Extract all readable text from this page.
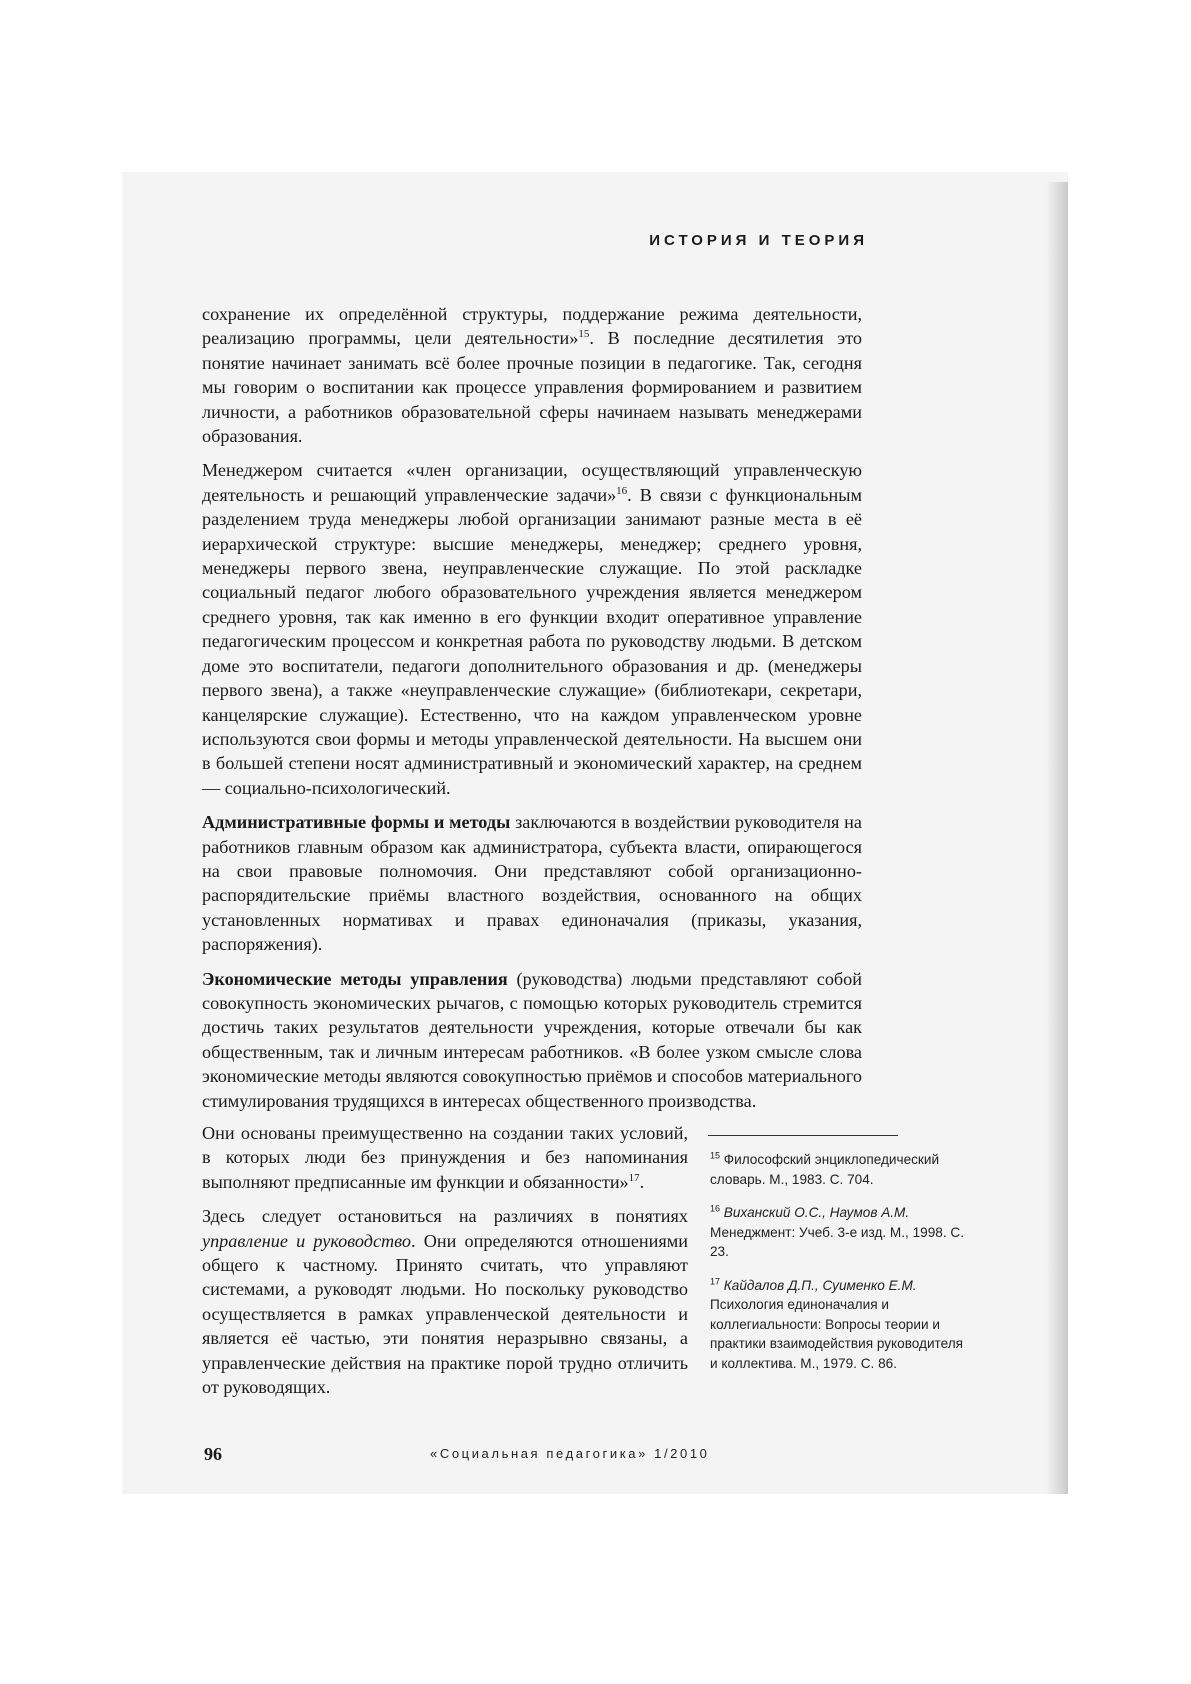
ИСТОРИЯ И ТЕОРИЯ

сохранение их определённой структуры, поддержание режима деятельности, реализацию программы, цели деятельности»$^{15}$. В последние десятилетия это понятие начинает занимать всё более прочные позиции в педагогике. Так, сегодня мы говорим о воспитании как процессе управления формированием и развитием личности, а работников образовательной сферы начинаем называть менеджерами образования.

Менеджером считается «член организации, осуществляющий управленческую деятельность и решающий управленческие задачи»$^{16}$. В связи с функциональным разделением труда менеджеры любой организации занимают разные места в её иерархической структуре: высшие менеджеры, менеджер; среднего уровня, менеджеры первого звена, неуправленческие служащие. По этой раскладке социальный педагог любого образовательного учреждения является менеджером среднего уровня, так как именно в его функции входит оперативное управление педагогическим процессом и конкретная работа по руководству людьми. В детском доме это воспитатели, педагоги дополнительного образования и др. (менеджеры первого звена), а также «неуправленческие служащие» (библиотекари, секретари, канцелярские служащие). Естественно, что на каждом управленческом уровне используются свои формы и методы управленческой деятельности. На высшем они в большей степени носят административный и экономический характер, на среднем — социально-психологический.

Административные формы и методы заключаются в воздействии руководителя на работников главным образом как администратора, субъекта власти, опирающегося на свои правовые полномочия. Они представляют собой организационно-распорядительские приёмы властного воздействия, основанного на общих установленных нормативах и правах единоначалия (приказы, указания, распоряжения).

Экономические методы управления (руководства) людьми представляют собой совокупность экономических рычагов, с помощью которых руководитель стремится достичь таких результатов деятельности учреждения, которые отвечали бы как общественным, так и личным интересам работников. «В более узком смысле слова экономические методы являются совокупностью приёмов и способов материального стимулирования трудящихся в интересах общественного производства.

Они основаны преимущественно на создании таких условий, в которых люди без принуждения и без напоминания выполняют предписанные им функции и обязанности»$^{17}$.

Здесь следует остановиться на различиях в понятиях управление и руководство. Они определяются отношениями общего к частному. Принято считать, что управляют системами, а руководят людьми. Но поскольку руководство осуществляется в рамках управленческой деятельности и является её частью, эти понятия неразрывно связаны, а управленческие действия на практике порой трудно отличить от руководящих.

$^{15}$ Философский энциклопедический словарь. М., 1983. С. 704.
$^{16}$ Виханский О.С., Наумов А.М. Менеджмент: Учеб. 3-е изд. М., 1998. С. 23.
$^{17}$ Кайдалов Д.П., Суименко Е.М. Психология единоначалия и коллегиальности: Вопросы теории и практики взаимодействия руководителя и коллектива. М., 1979. С. 86.
96	«Социальная педагогика» 1/2010
